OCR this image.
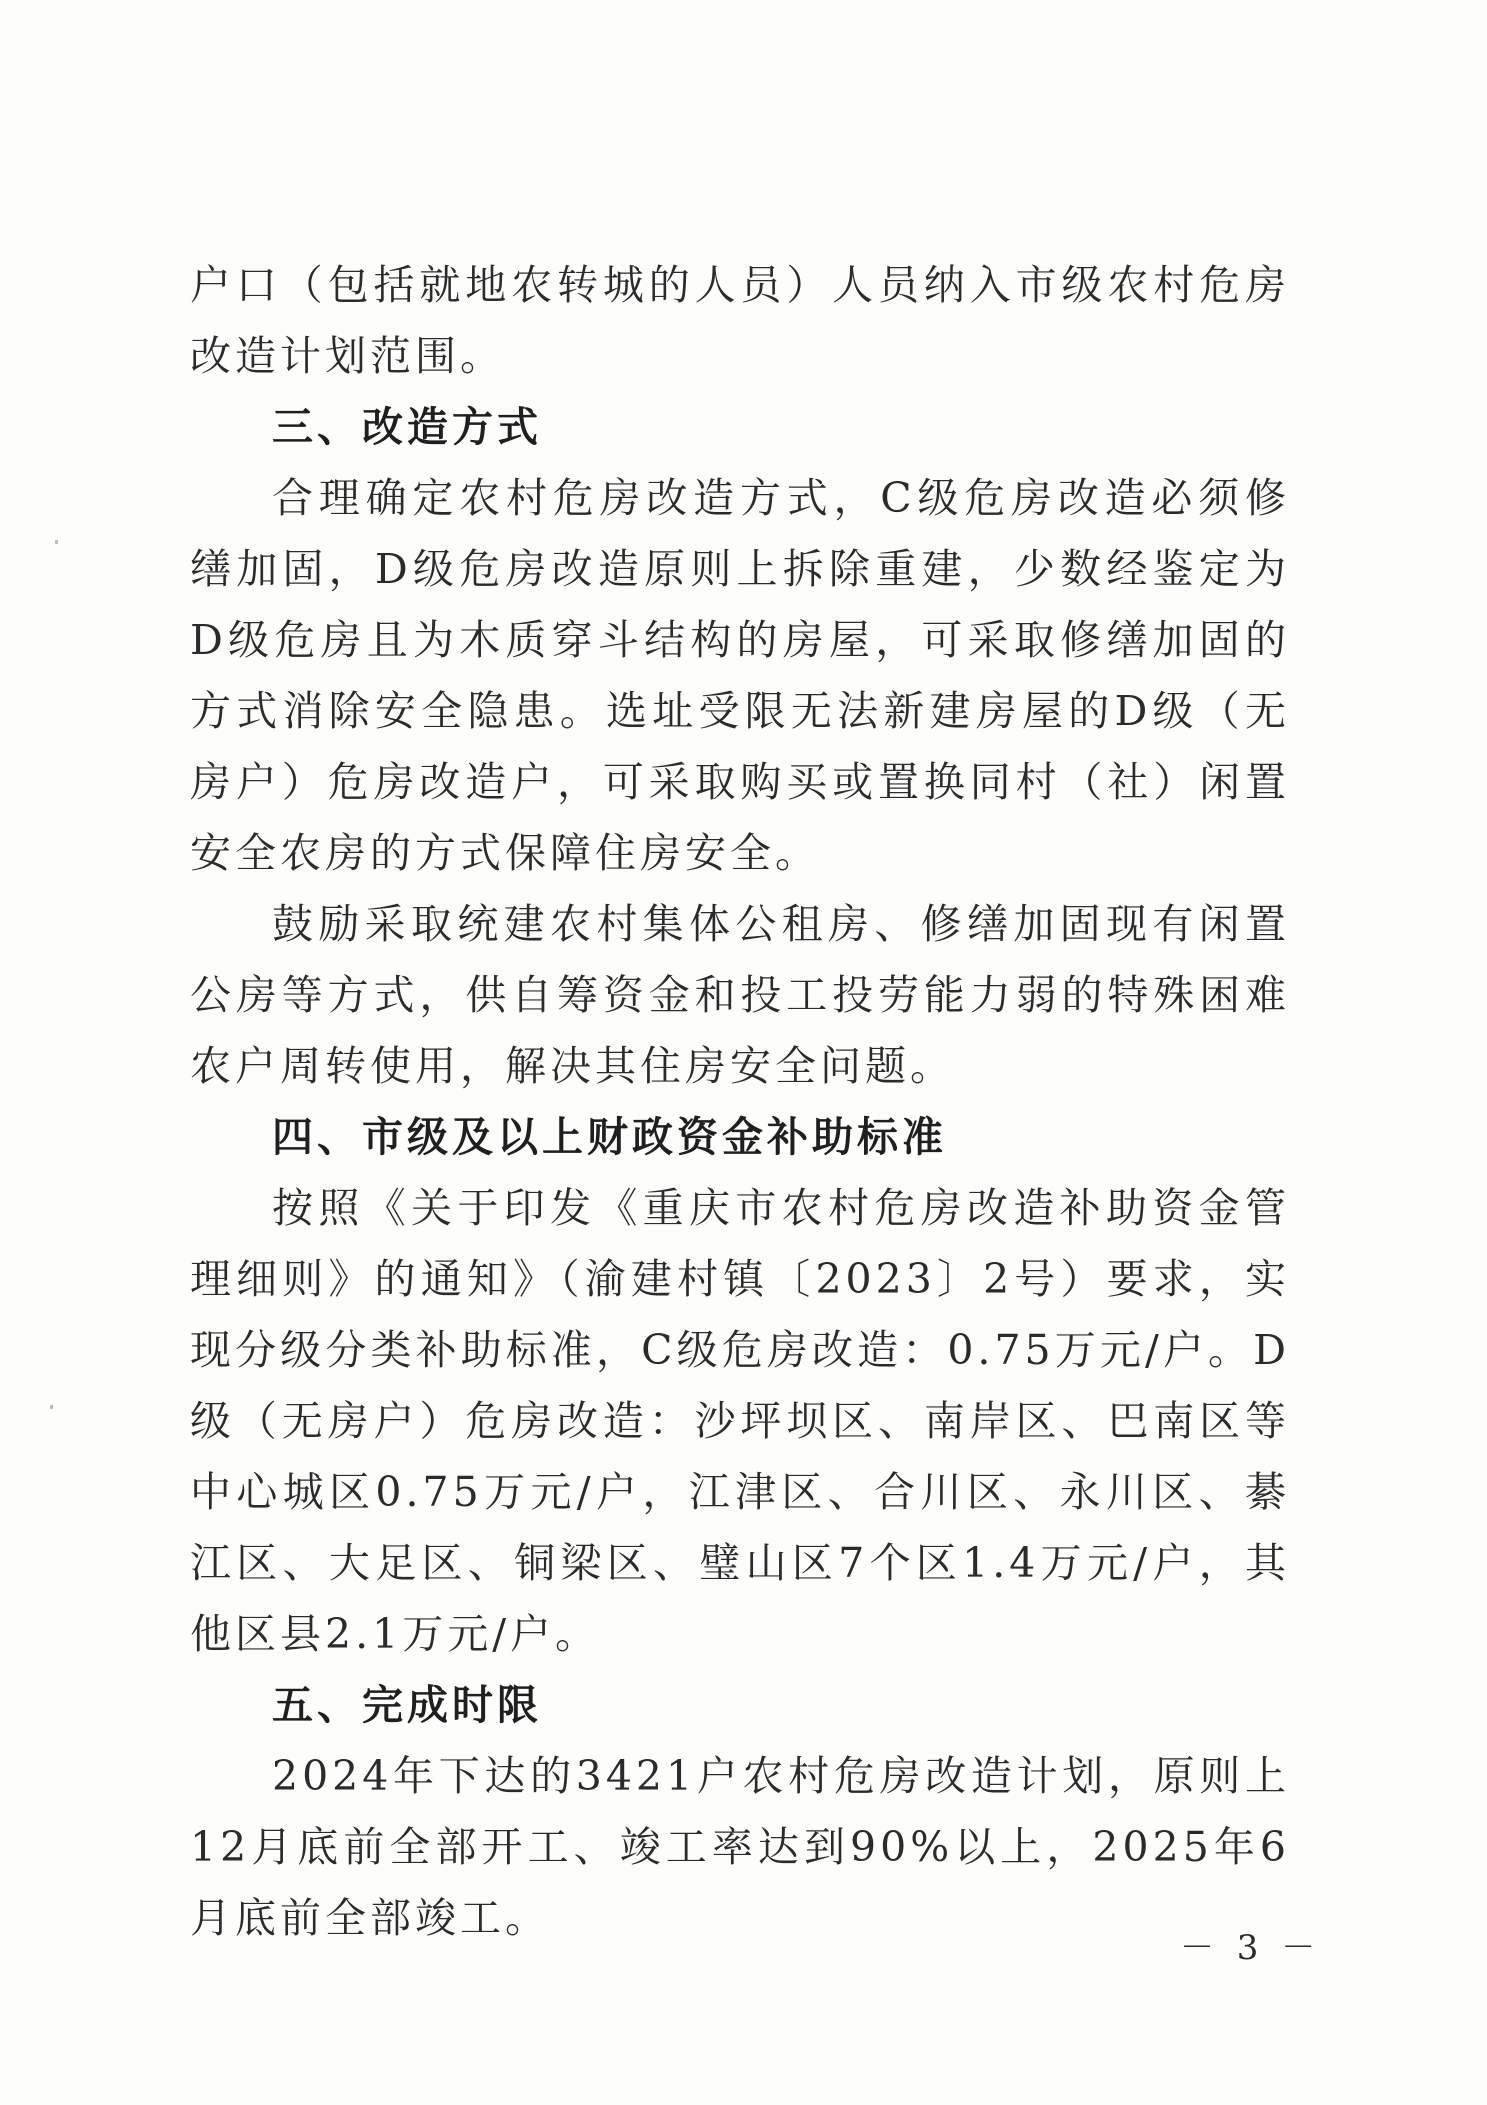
户口（包括就地农转城的人员）人员纳入市级农村危房改造计划范围。

三、改造方式

合理确定农村危房改造方式，C级危房改造必须修缮加固，D级危房改造原则上拆除重建，少数经鉴定为D级危房且为木质穿斗结构的房屋，可采取修缮加固的方式消除安全隐患。选址受限无法新建房屋的D级（无房户）危房改造户，可采取购买或置换同村（社）闲置安全农房的方式保障住房安全。

鼓励采取统建农村集体公租房、修缮加固现有闲置公房等方式，供自筹资金和投工投劳能力弱的特殊困难农户周转使用，解决其住房安全问题。

四、市级及以上财政资金补助标准

按照《关于印发《重庆市农村危房改造补助资金管理细则》的通知》（渝建村镇〔2023〕2号）要求，实现分级分类补助标准，C级危房改造：0.75万元/户。D级（无房户）危房改造：沙坪坝区、南岸区、巴南区等中心城区0.75万元/户，江津区、合川区、永川区、綦江区、大足区、铜梁区、璧山区7个区1.4万元/户，其他区县2.1万元/户。

五、完成时限

2024年下达的3421户农村危房改造计划，原则上12月底前全部开工、竣工率达到90%以上，2025年6月底前全部竣工。

－ 3 －
